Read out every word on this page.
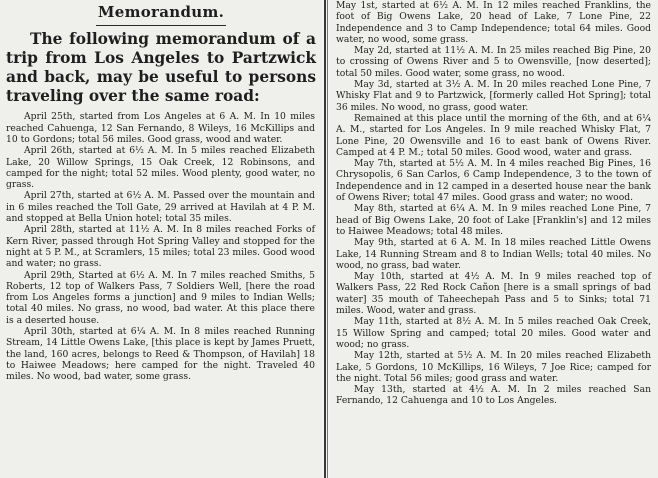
Memorandum.
The following memorandum of a trip from Los Angeles to Partzwick and back, may be useful to persons traveling over the same road:

April 25th, started from Los Angeles at 6 A. M. In 10 miles reached Cahuenga, 12 San Fernando, 8 Wileys, 16 McKillips and 10 to Gordons; total 56 miles. Good grass, wood and water.

April 26th, started at 6½ A. M. In 5 miles reached Elizabeth Lake, 20 Willow Springs, 15 Oak Creek, 12 Robinsons, and camped for the night; total 52 miles. Wood plenty, good water, no grass.

April 27th, started at 6½ A. M. Passed over the mountain and in 6 miles reached the Toll Gate, 29 arrived at Havilah at 4 P. M. and stopped at Bella Union hotel; total 35 miles.

April 28th, started at 11½ A. M. In 8 miles reached Forks of Kern River, passed through Hot Spring Valley and stopped for the night at 5 P. M., at Scramlers, 15 miles; total 23 miles. Good wood and water; no grass.

April 29th, Started at 6½ A. M. In 7 miles reached Smiths, 5 Roberts, 12 top of Walkers Pass, 7 Soldiers Well, [here the road from Los Angeles forms a junction] and 9 miles to Indian Wells; total 40 miles. No grass, no wood, bad water. At this place there is a deserted house.

April 30th, started at 6¼ A. M. In 8 miles reached Running Stream, 14 Little Owens Lake, [this place is kept by James Pruett, the land, 160 acres, belongs to Reed & Thompson, of Havilah] 18 to Haiwee Meadows; here camped for the night. Traveled 40 miles. No wood, bad water, some grass.

May 1st, started at 6½ A. M. In 12 miles reached Franklins, the foot of Big Owens Lake, 20 head of Lake, 7 Lone Pine, 22 Independence and 3 to Camp Independence; total 64 miles. Good water, no wood, some grass.

May 2d, started at 11½ A. M. In 25 miles reached Big Pine, 20 to crossing of Owens River and 5 to Owensville, [now deserted]; total 50 miles. Good water, some grass, no wood.

May 3d, started at 3½ A. M. In 20 miles reached Lone Pine, 7 Whisky Flat and 9 to Partzwick, [formerly called Hot Spring]; total 36 miles. No wood, no grass, good water.

Remained at this place until the morning of the 6th, and at 6¼ A. M., started for Los Angeles. In 9 mile reached Whisky Flat, 7 Lone Pine, 20 Owensville and 16 to east bank of Owens River. Camped at 4 P. M.; total 50 miles. Good wood, water and grass.

May 7th, started at 5½ A. M. In 4 miles reached Big Pines, 16 Chrysopolis, 6 San Carlos, 6 Camp Independence, 3 to the town of Independence and in 12 camped in a deserted house near the bank of Owens River; total 47 miles. Good grass and water; no wood.

May 8th, started at 6¼ A. M. In 9 miles reached Lone Pine, 7 head of Big Owens Lake, 20 foot of Lake [Franklin's] and 12 miles to Haiwee Meadows; total 48 miles.

May 9th, started at 6 A. M. In 18 miles reached Little Owens Lake, 14 Running Stream and 8 to Indian Wells; total 40 miles. No wood, no grass, bad water.

May 10th, started at 4½ A. M. In 9 miles reached top of Walkers Pass, 22 Red Rock Cañon [here is a small springs of bad water] 35 mouth of Taheechepah Pass and 5 to Sinks; total 71 miles. Wood, water and grass.

May 11th, started at 8½ A. M. In 5 miles reached Oak Creek, 15 Willow Spring and camped; total 20 miles. Good water and wood; no grass.

May 12th, started at 5½ A. M. In 20 miles reached Elizabeth Lake, 5 Gordons, 10 McKillips, 16 Wileys, 7 Joe Rice; camped for the night. Total 56 miles; good grass and water.

May 13th, started at 4½ A. M. In 2 miles reached San Fernando, 12 Cahuenga and 10 to Los Angeles.
